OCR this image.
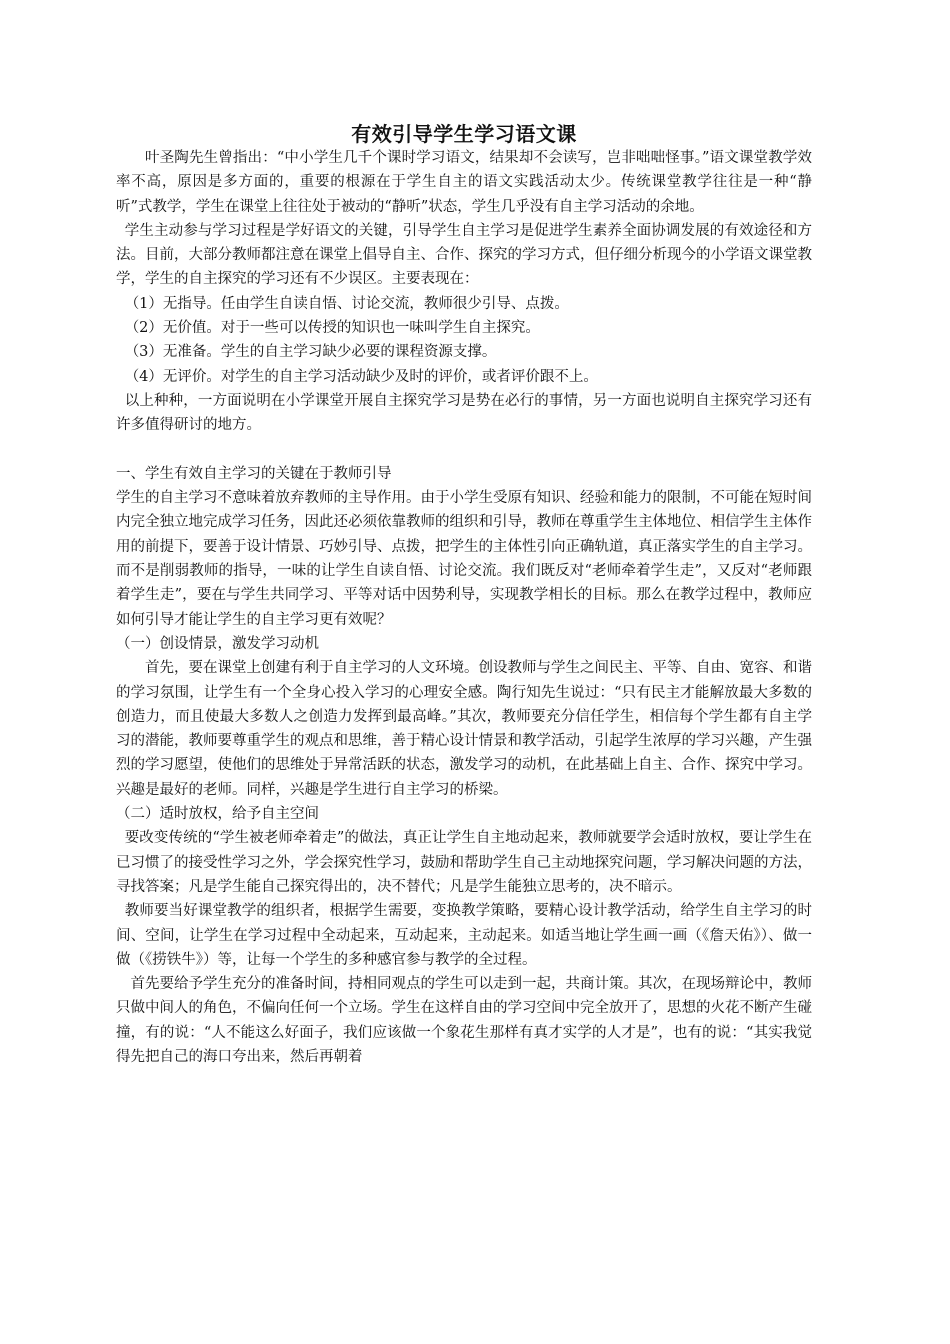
有效引导学生学习语文课

叶圣陶先生曾指出：“中小学生几千个课时学习语文，结果却不会读写，岂非咄咄怪事。”语文课堂教学效率不高，原因是多方面的，重要的根源在于学生自主的语文实践活动太少。传统课堂教学往往是一种“静听”式教学，学生在课堂上往往处于被动的“静听”状态，学生几乎没有自主学习活动的余地。

学生主动参与学习过程是学好语文的关键，引导学生自主学习是促进学生素养全面协调发展的有效途径和方法。目前，大部分教师都注意在课堂上倡导自主、合作、探究的学习方式，但仔细分析现今的小学语文课堂教学，学生的自主探究的学习还有不少误区。主要表现在：

（1）无指导。任由学生自读自悟、讨论交流，教师很少引导、点拨。

（2）无价值。对于一些可以传授的知识也一味叫学生自主探究。

（3）无准备。学生的自主学习缺少必要的课程资源支撑。

（4）无评价。对学生的自主学习活动缺少及时的评价，或者评价跟不上。

以上种种，一方面说明在小学课堂开展自主探究学习是势在必行的事情，另一方面也说明自主探究学习还有许多值得研讨的地方。

一、学生有效自主学习的关键在于教师引导

学生的自主学习不意味着放弃教师的主导作用。由于小学生受原有知识、经验和能力的限制，不可能在短时间内完全独立地完成学习任务，因此还必须依靠教师的组织和引导，教师在尊重学生主体地位、相信学生主体作用的前提下，要善于设计情景、巧妙引导、点拨，把学生的主体性引向正确轨道，真正落实学生的自主学习。而不是削弱教师的指导，一味的让学生自读自悟、讨论交流。我们既反对“老师牵着学生走”，又反对“老师跟着学生走”，要在与学生共同学习、平等对话中因势利导，实现教学相长的目标。那么在教学过程中，教师应如何引导才能让学生的自主学习更有效呢？

（一）创设情景，激发学习动机

首先，要在课堂上创建有利于自主学习的人文环境。创设教师与学生之间民主、平等、自由、宽容、和谐的学习氛围，让学生有一个全身心投入学习的心理安全感。陶行知先生说过：“只有民主才能解放最大多数的创造力，而且使最大多数人之创造力发挥到最高峰。”其次，教师要充分信任学生，相信每个学生都有自主学习的潜能，教师要尊重学生的观点和思维，善于精心设计情景和教学活动，引起学生浓厚的学习兴趣，产生强烈的学习愿望，使他们的思维处于异常活跃的状态，激发学习的动机，在此基础上自主、合作、探究中学习。兴趣是最好的老师。同样，兴趣是学生进行自主学习的桥梁。

（二）适时放权，给予自主空间

要改变传统的“学生被老师牵着走”的做法，真正让学生自主地动起来，教师就要学会适时放权，要让学生在已习惯了的接受性学习之外，学会探究性学习，鼓励和帮助学生自己主动地探究问题，学习解决问题的方法，寻找答案；凡是学生能自己探究得出的，决不替代；凡是学生能独立思考的，决不暗示。

教师要当好课堂教学的组织者，根据学生需要，变换教学策略，要精心设计教学活动，给学生自主学习的时间、空间，让学生在学习过程中全动起来，互动起来，主动起来。如适当地让学生画一画（《詹天佑》）、做一做（《捞铁牛》）等，让每一个学生的多种感官参与教学的全过程。

首先要给予学生充分的准备时间，持相同观点的学生可以走到一起，共商计策。其次，在现场辩论中，教师只做中间人的角色，不偏向任何一个立场。学生在这样自由的学习空间中完全放开了，思想的火花不断产生碰撞，有的说：“人不能这么好面子，我们应该做一个象花生那样有真才实学的人才是”，也有的说：“其实我觉得先把自己的海口夸出来，然后再朝着
